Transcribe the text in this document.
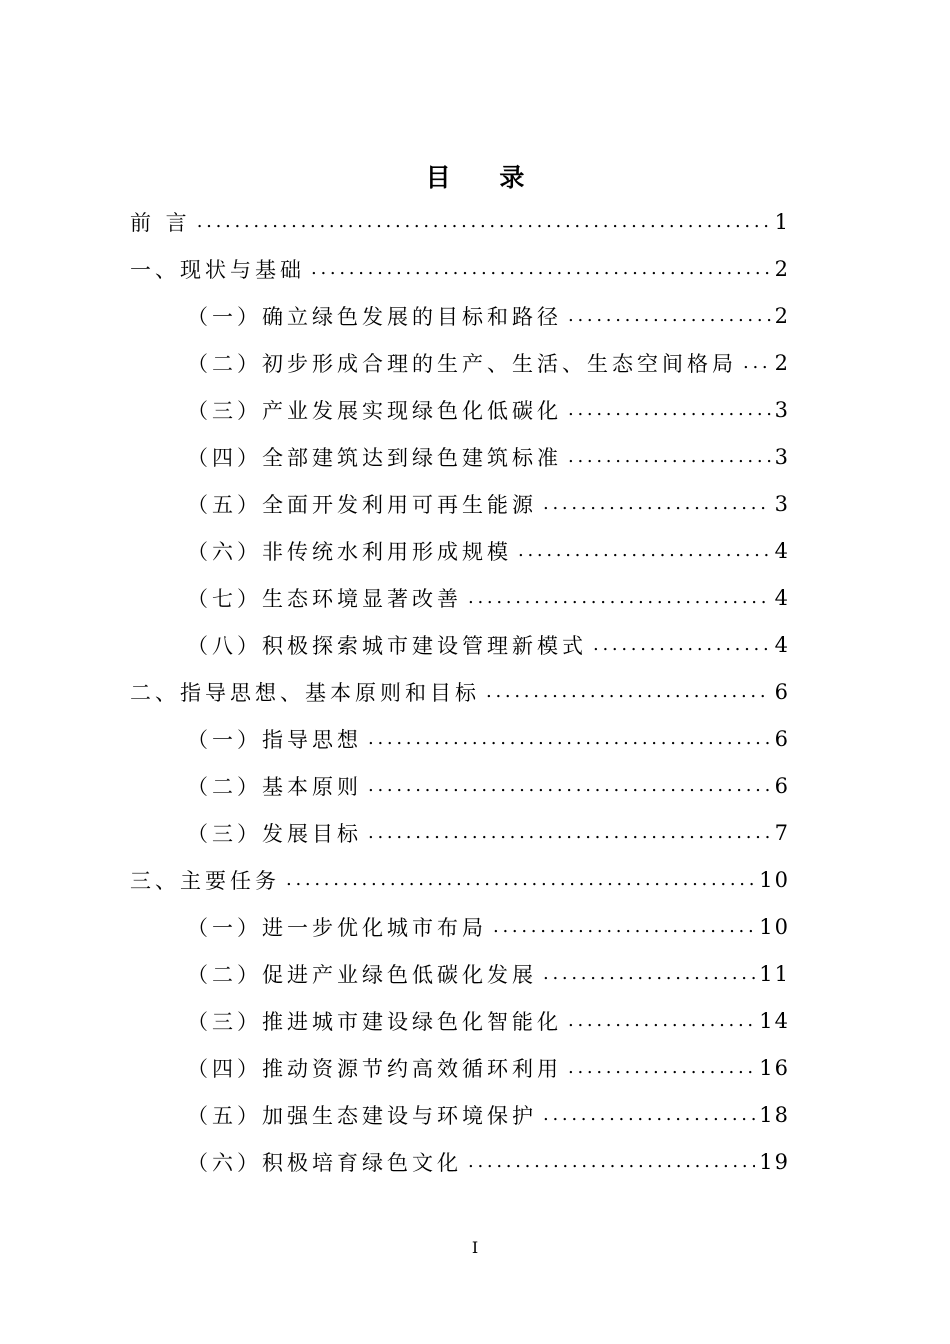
目 录
前 言 . . .	1
一、现状与基础 . . .	2
（一）确立绿色发展的目标和路径 . . .	2
（二）初步形成合理的生产、生活、生态空间格局 . . . 2
（三）产业发展实现绿色化低碳化 . . .	3
（四）全部建筑达到绿色建筑标准 . . .	3
（五）全面开发利用可再生能源 . . .	3
（六）非传统水利用形成规模 . . .	4
（七）生态环境显著改善 . . .	4
（八）积极探索城市建设管理新模式 . . .	4
二、指导思想、基本原则和目标 . . .	6
（一）指导思想 . . .	6
（二）基本原则 . . .	6
（三）发展目标 . . .	7
三、主要任务 . . .	10
（一）进一步优化城市布局 . . .	10
（二）促进产业绿色低碳化发展 . . .	11
（三）推进城市建设绿色化智能化 . . .	14
（四）推动资源节约高效循环利用 . . .	16
（五）加强生态建设与环境保护 . . .	18
（六）积极培育绿色文化 . . .	19
I
